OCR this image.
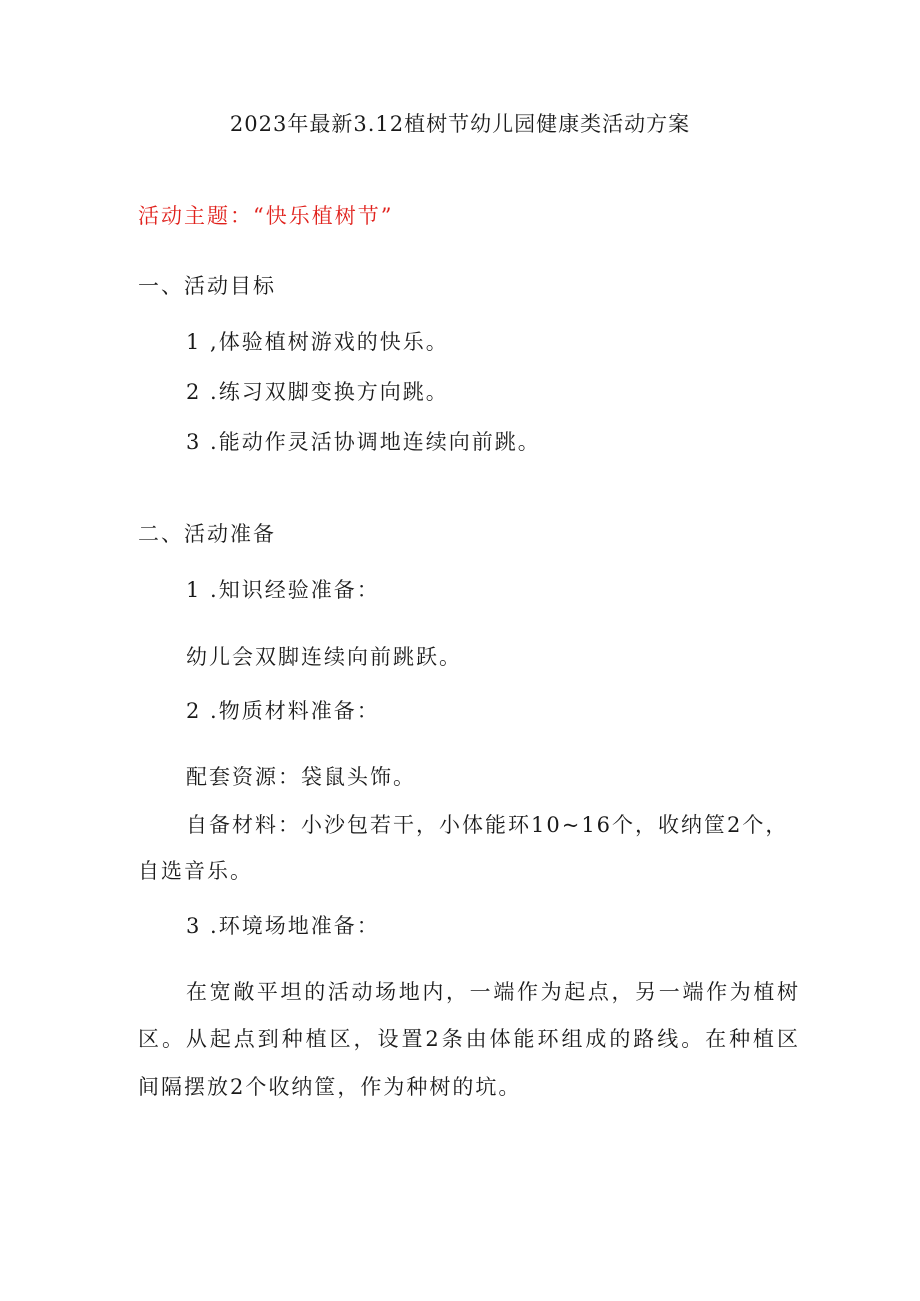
2023年最新3.12植树节幼儿园健康类活动方案
活动主题：“快乐植树节”
一、活动目标
1 ,体验植树游戏的快乐。
2 .练习双脚变换方向跳。
3 .能动作灵活协调地连续向前跳。
二、活动准备
1 .知识经验准备：
幼儿会双脚连续向前跳跃。
2 .物质材料准备：
配套资源：袋鼠头饰。
自备材料：小沙包若干，小体能环10~16个，收纳筐2个，
自选音乐。
3 .环境场地准备：
在宽敞平坦的活动场地内，一端作为起点，另一端作为植树
区。从起点到种植区，设置2条由体能环组成的路线。在种植区
间隔摆放2个收纳筐，作为种树的坑。
